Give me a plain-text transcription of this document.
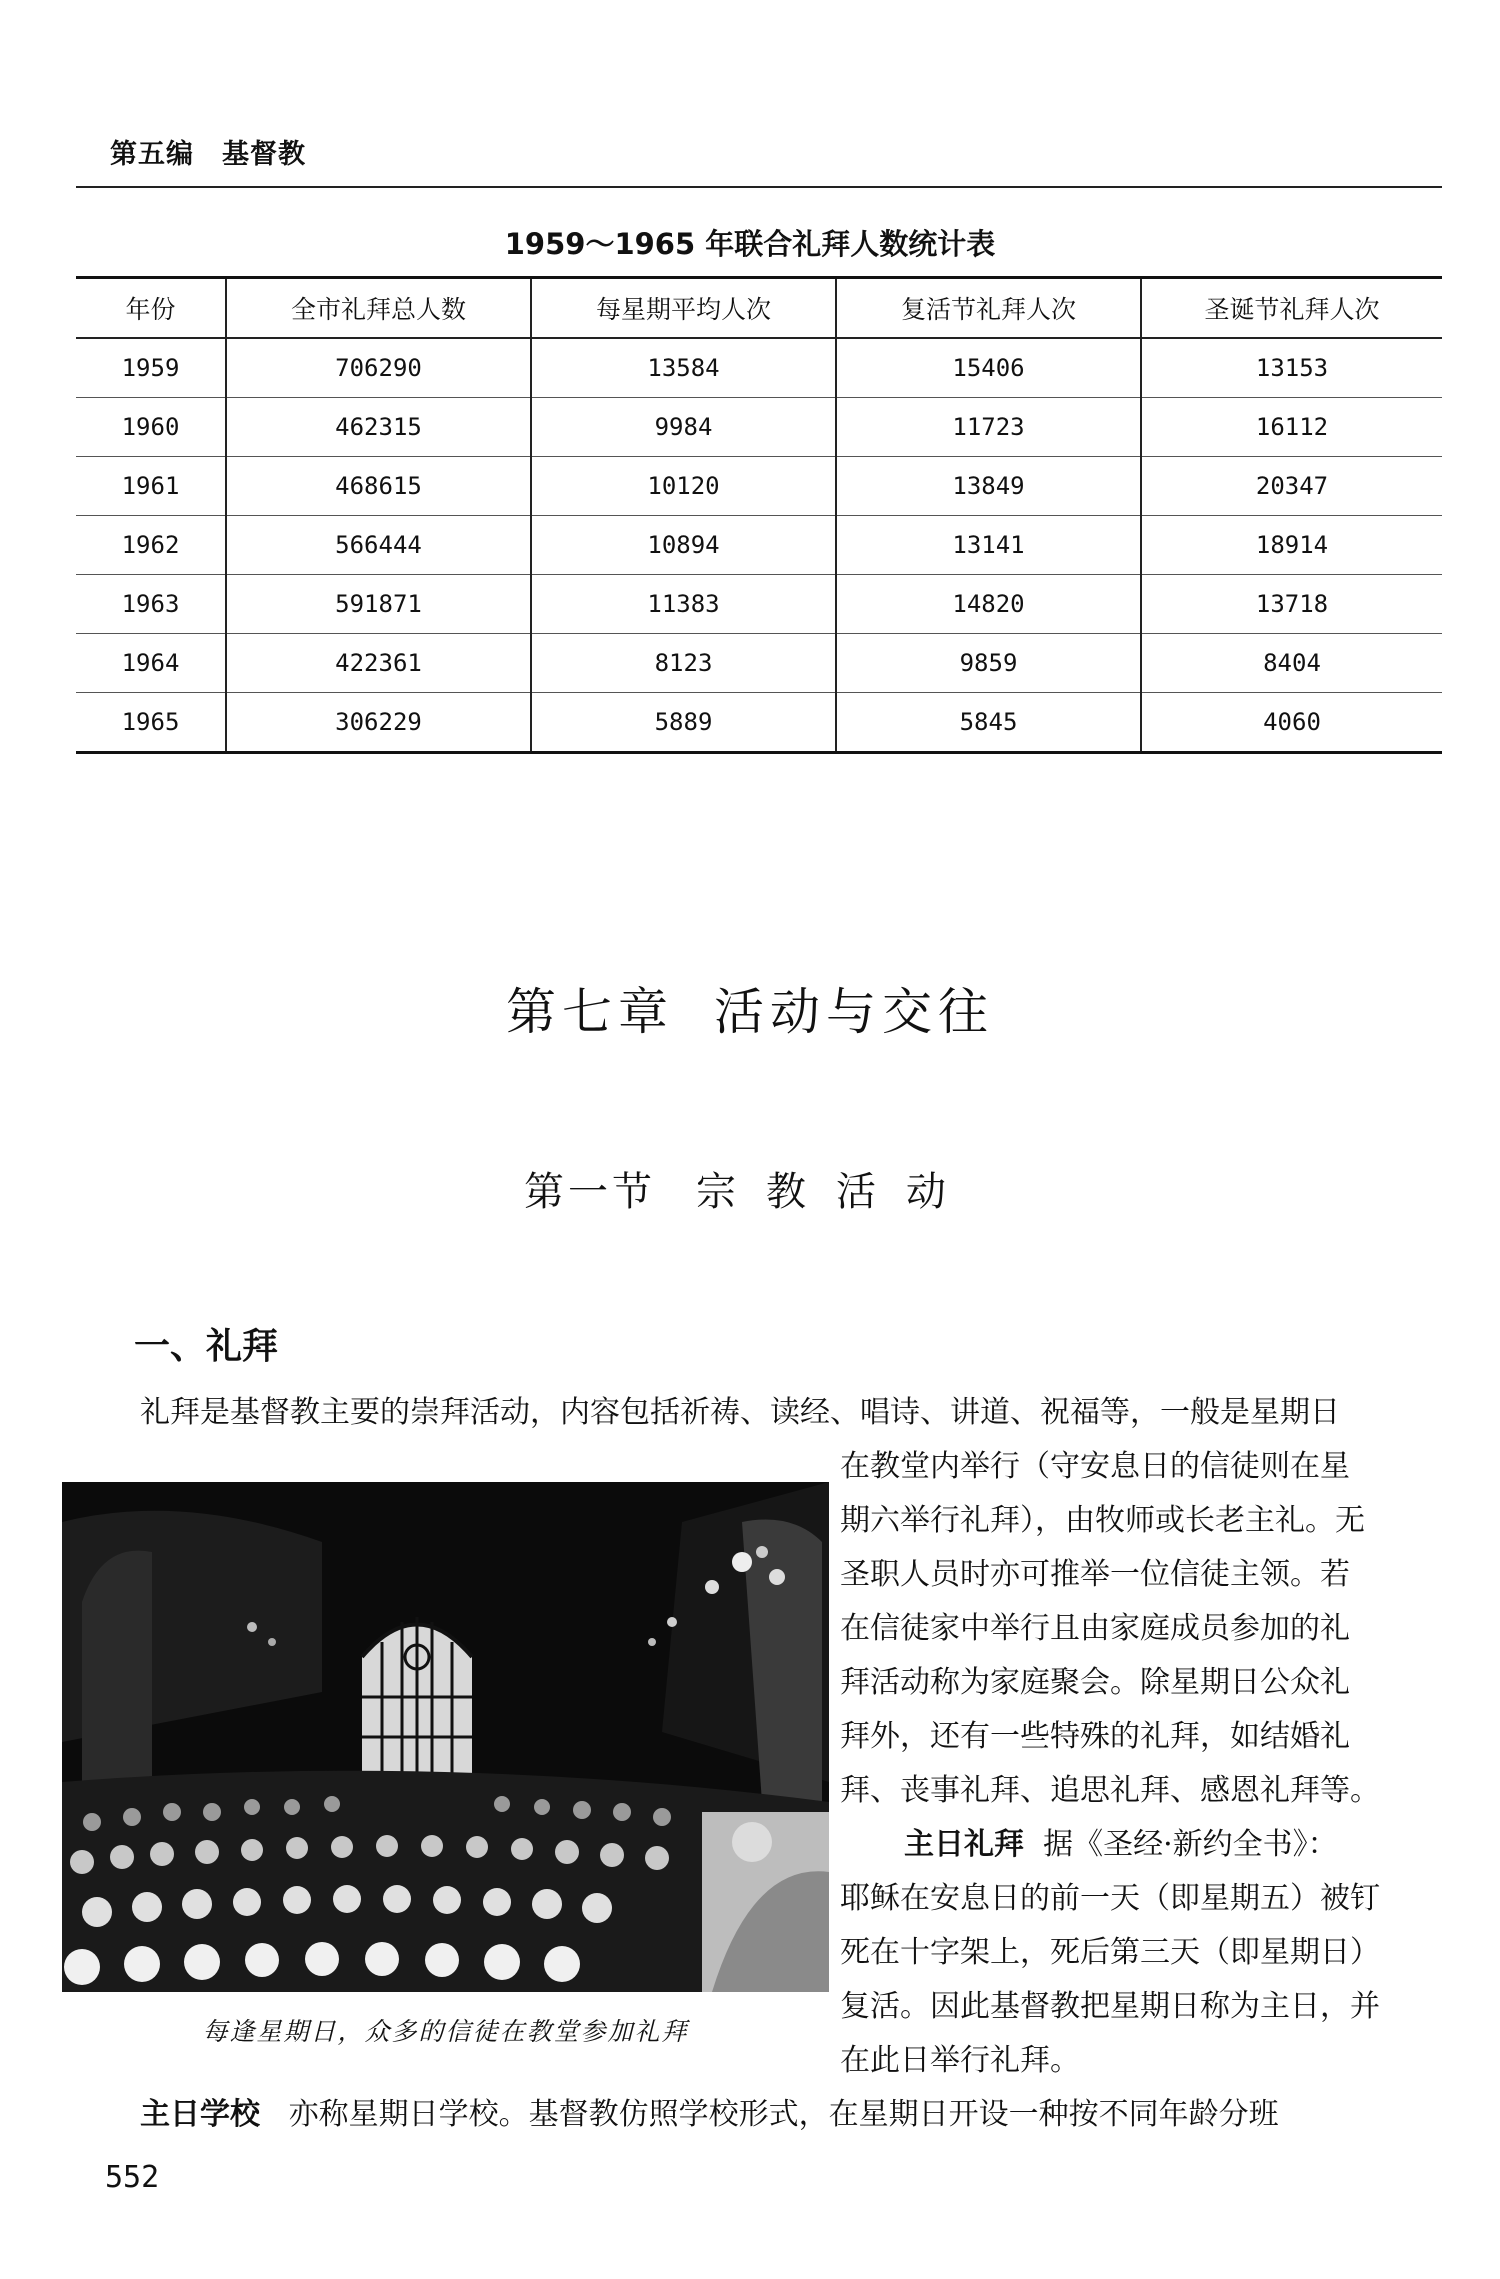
第五编 基督教
1959～1965 年联合礼拜人数统计表
年份	全市礼拜总人数	每星期平均人次	复活节礼拜人次	圣诞节礼拜人次
1959	706290	13584	15406	13153
1960	462315	9984	11723	16112
1961	468615	10120	13849	20347
1962	566444	10894	13141	18914
1963	591871	11383	14820	13718
1964	422361	8123	9859	8404
1965	306229	5889	5845	4060
第七章 活动与交往
第一节 宗教活动
一、礼拜
礼拜是基督教主要的崇拜活动，内容包括祈祷、读经、唱诗、讲道、祝福等，一般是星期日
在教堂内举行（守安息日的信徒则在星
期六举行礼拜），由牧师或长老主礼。无
圣职人员时亦可推举一位信徒主领。若
在信徒家中举行且由家庭成员参加的礼
拜活动称为家庭聚会。除星期日公众礼
拜外，还有一些特殊的礼拜，如结婚礼
拜、丧事礼拜、追思礼拜、感恩礼拜等。
主日礼拜 据《圣经·新约全书》：
耶稣在安息日的前一天（即星期五）被钉
死在十字架上，死后第三天（即星期日）
复活。因此基督教把星期日称为主日，并
在此日举行礼拜。
主日学校 亦称星期日学校。基督教仿照学校形式，在星期日开设一种按不同年龄分班
每逢星期日，众多的信徒在教堂参加礼拜
552
